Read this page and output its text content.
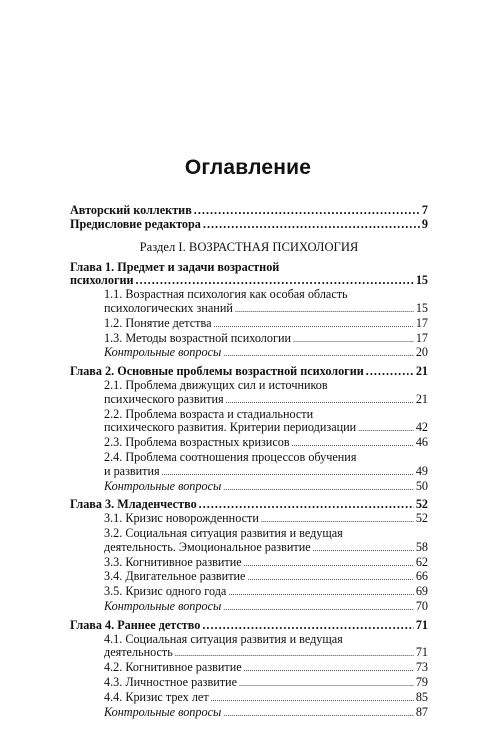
Оглавление
Авторский коллектив .....	7
Предисловие редактора .....	9

Раздел I. ВОЗРАСТНАЯ ПСИХОЛОГИЯ

Глава 1. Предмет и задачи возрастной
психологии .....	15
1.1. Возрастная психология как особая область
психологических знаний .....	15
1.2. Понятие детства .....	17
1.3. Методы возрастной психологии .....	17
Контрольные вопросы .....	20
Глава 2. Основные проблемы возрастной психологии .....	21
2.1. Проблема движущих сил и источников
психического развития .....	21
2.2. Проблема возраста и стадиальности
психического развития. Критерии периодизации .....	42
2.3. Проблема возрастных кризисов .....	46
2.4. Проблема соотношения процессов обучения
и развития .....	49
Контрольные вопросы .....	50
Глава 3. Младенчество .....	52
3.1. Кризис новорожденности .....	52
3.2. Социальная ситуация развития и ведущая
деятельность. Эмоциональное развитие .....	58
3.3. Когнитивное развитие .....	62
3.4. Двигательное развитие .....	66
3.5. Кризис одного года .....	69
Контрольные вопросы .....	70
Глава 4. Раннее детство .....	71
4.1. Социальная ситуация развития и ведущая
деятельность .....	71
4.2. Когнитивное развитие .....	73
4.3. Личностное развитие .....	79
4.4. Кризис трех лет .....	85
Контрольные вопросы .....	87
